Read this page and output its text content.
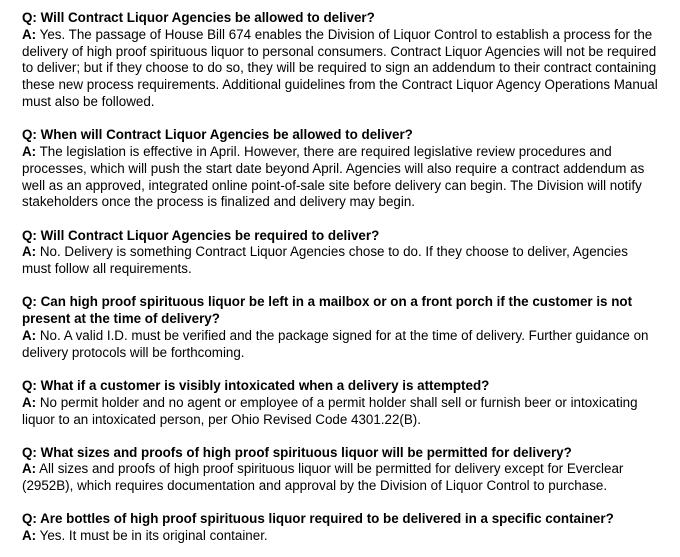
Q: Will Contract Liquor Agencies be allowed to deliver?
A: Yes. The passage of House Bill 674 enables the Division of Liquor Control to establish a process for the delivery of high proof spirituous liquor to personal consumers. Contract Liquor Agencies will not be required to deliver; but if they choose to do so, they will be required to sign an addendum to their contract containing these new process requirements. Additional guidelines from the Contract Liquor Agency Operations Manual must also be followed.
Q: When will Contract Liquor Agencies be allowed to deliver?
A: The legislation is effective in April. However, there are required legislative review procedures and processes, which will push the start date beyond April. Agencies will also require a contract addendum as well as an approved, integrated online point-of-sale site before delivery can begin. The Division will notify stakeholders once the process is finalized and delivery may begin.
Q: Will Contract Liquor Agencies be required to deliver?
A: No. Delivery is something Contract Liquor Agencies chose to do. If they choose to deliver, Agencies must follow all requirements.
Q: Can high proof spirituous liquor be left in a mailbox or on a front porch if the customer is not present at the time of delivery?
A: No. A valid I.D. must be verified and the package signed for at the time of delivery. Further guidance on delivery protocols will be forthcoming.
Q: What if a customer is visibly intoxicated when a delivery is attempted?
A: No permit holder and no agent or employee of a permit holder shall sell or furnish beer or intoxicating liquor to an intoxicated person, per Ohio Revised Code 4301.22(B).
Q: What sizes and proofs of high proof spirituous liquor will be permitted for delivery?
A: All sizes and proofs of high proof spirituous liquor will be permitted for delivery except for Everclear (2952B), which requires documentation and approval by the Division of Liquor Control to purchase.
Q: Are bottles of high proof spirituous liquor required to be delivered in a specific container?
A: Yes. It must be in its original container.
